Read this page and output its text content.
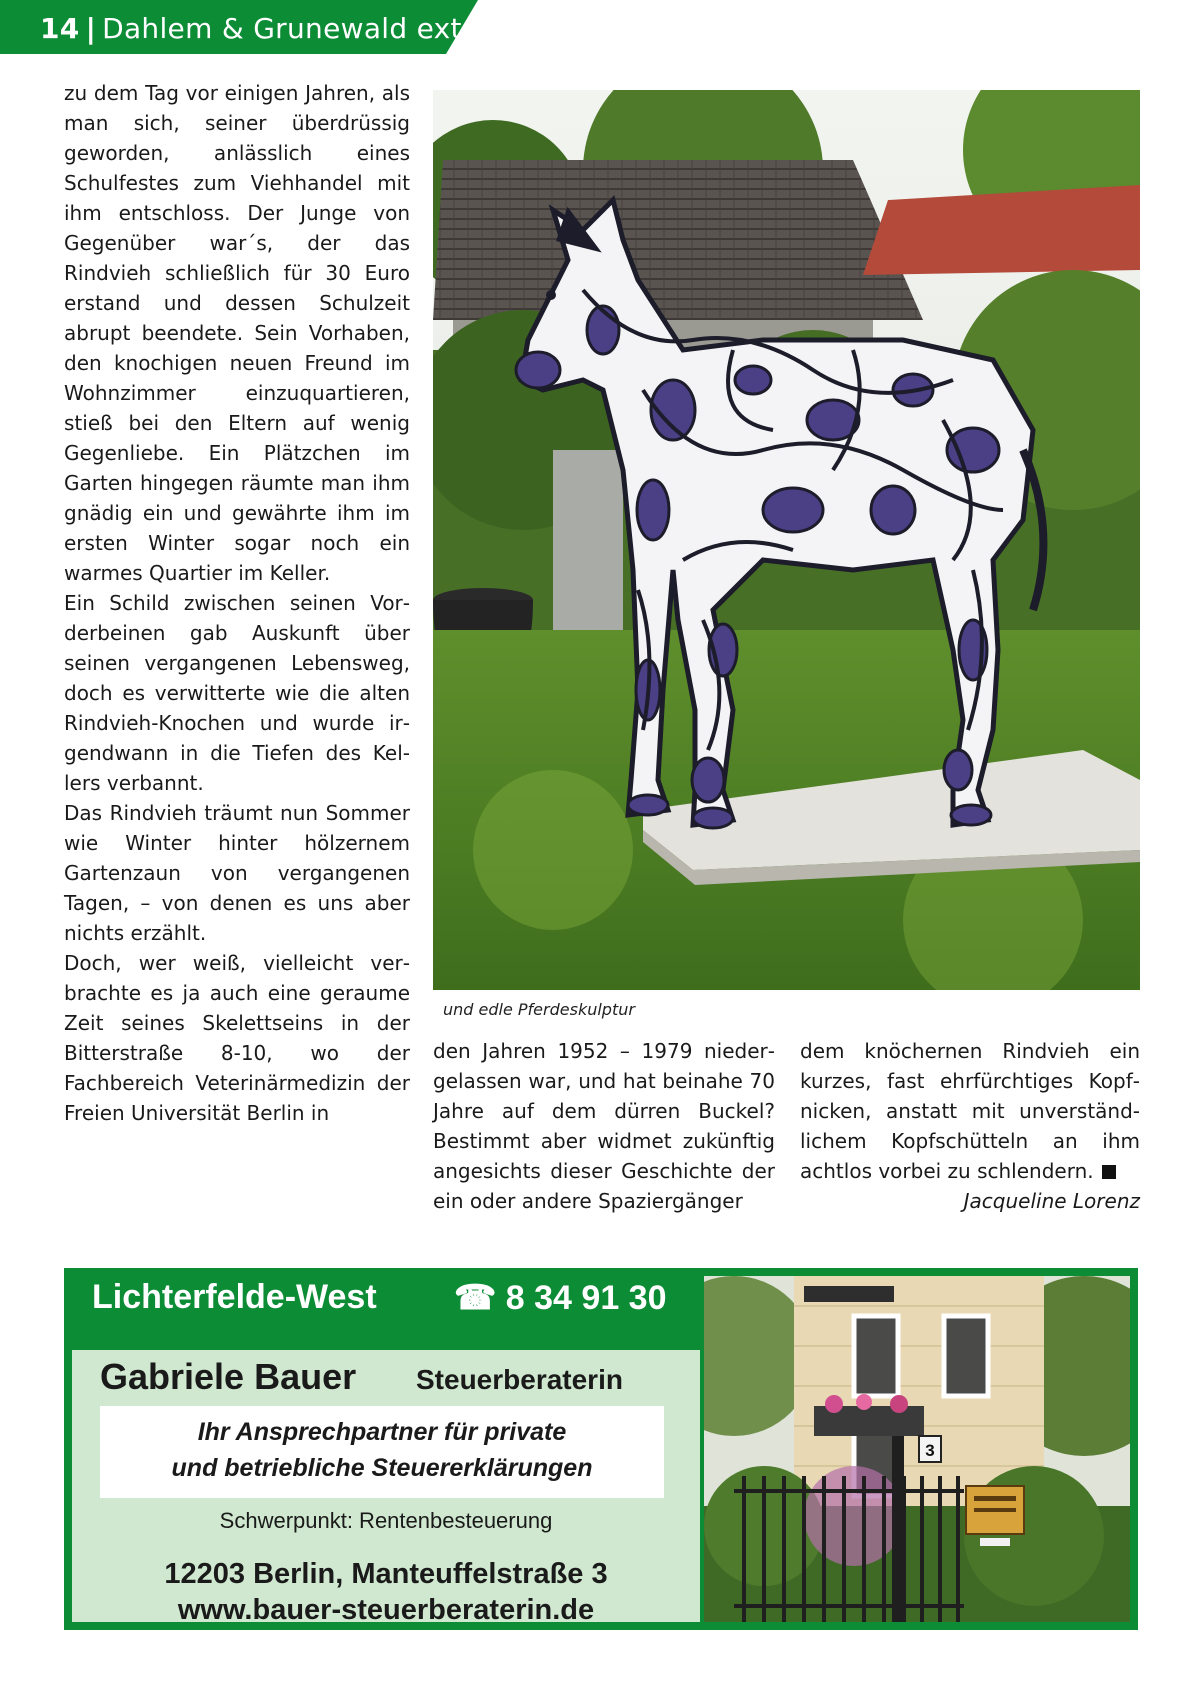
14 | Dahlem & Grunewald extra

zu dem Tag vor einigen Jahren, als man sich, seiner überdrüssig geworden, anlässlich eines Schulfestes zum Viehhandel mit ihm entschloss. Der Junge von Gegenüber war´s, der das Rindvieh schließlich für 30 Euro erstand und dessen Schulzeit abrupt beendete. Sein Vorhaben, den knochigen neuen Freund im Wohnzimmer einzuquartieren, stieß bei den Eltern auf wenig Gegenliebe. Ein Plätzchen im Garten hingegen räumte man ihm gnädig ein und gewährte ihm im ersten Winter sogar noch ein warmes Quartier im Keller.

Ein Schild zwischen seinen Vorderbeinen gab Auskunft über seinen vergangenen Lebensweg, doch es verwitterte wie die alten Rindvieh-Knochen und wurde irgendwann in die Tiefen des Kellers verbannt.

Das Rindvieh träumt nun Sommer wie Winter hinter hölzernem Gartenzaun von vergangenen Tagen, – von denen es uns aber nichts erzählt.

Doch, wer weiß, vielleicht verbrachte es ja auch eine geraume Zeit seines Skelettseins in der Bitterstraße 8-10, wo der Fachbereich Veterinärmedizin der Freien Universität Berlin in

und edle Pferdeskulptur

den Jahren 1952 – 1979 niedergelassen war, und hat beinahe 70 Jahre auf dem dürren Buckel? Bestimmt aber widmet zukünftig angesichts dieser Geschichte der ein oder andere Spaziergänger

dem knöchernen Rindvieh ein kurzes, fast ehrfürchtiges Kopfnicken, anstatt mit unverständlichem Kopfschütteln an ihm achtlos vorbei zu schlendern.

Jacqueline Lorenz

Lichterfelde-West ☎ 8 34 91 30
Gabriele Bauer Steuerberaterin
Ihr Ansprechpartner für private
und betriebliche Steuererklärungen
Schwerpunkt: Rentenbesteuerung
12203 Berlin, Manteuffelstraße 3
www.bauer-steuerberaterin.de
3
